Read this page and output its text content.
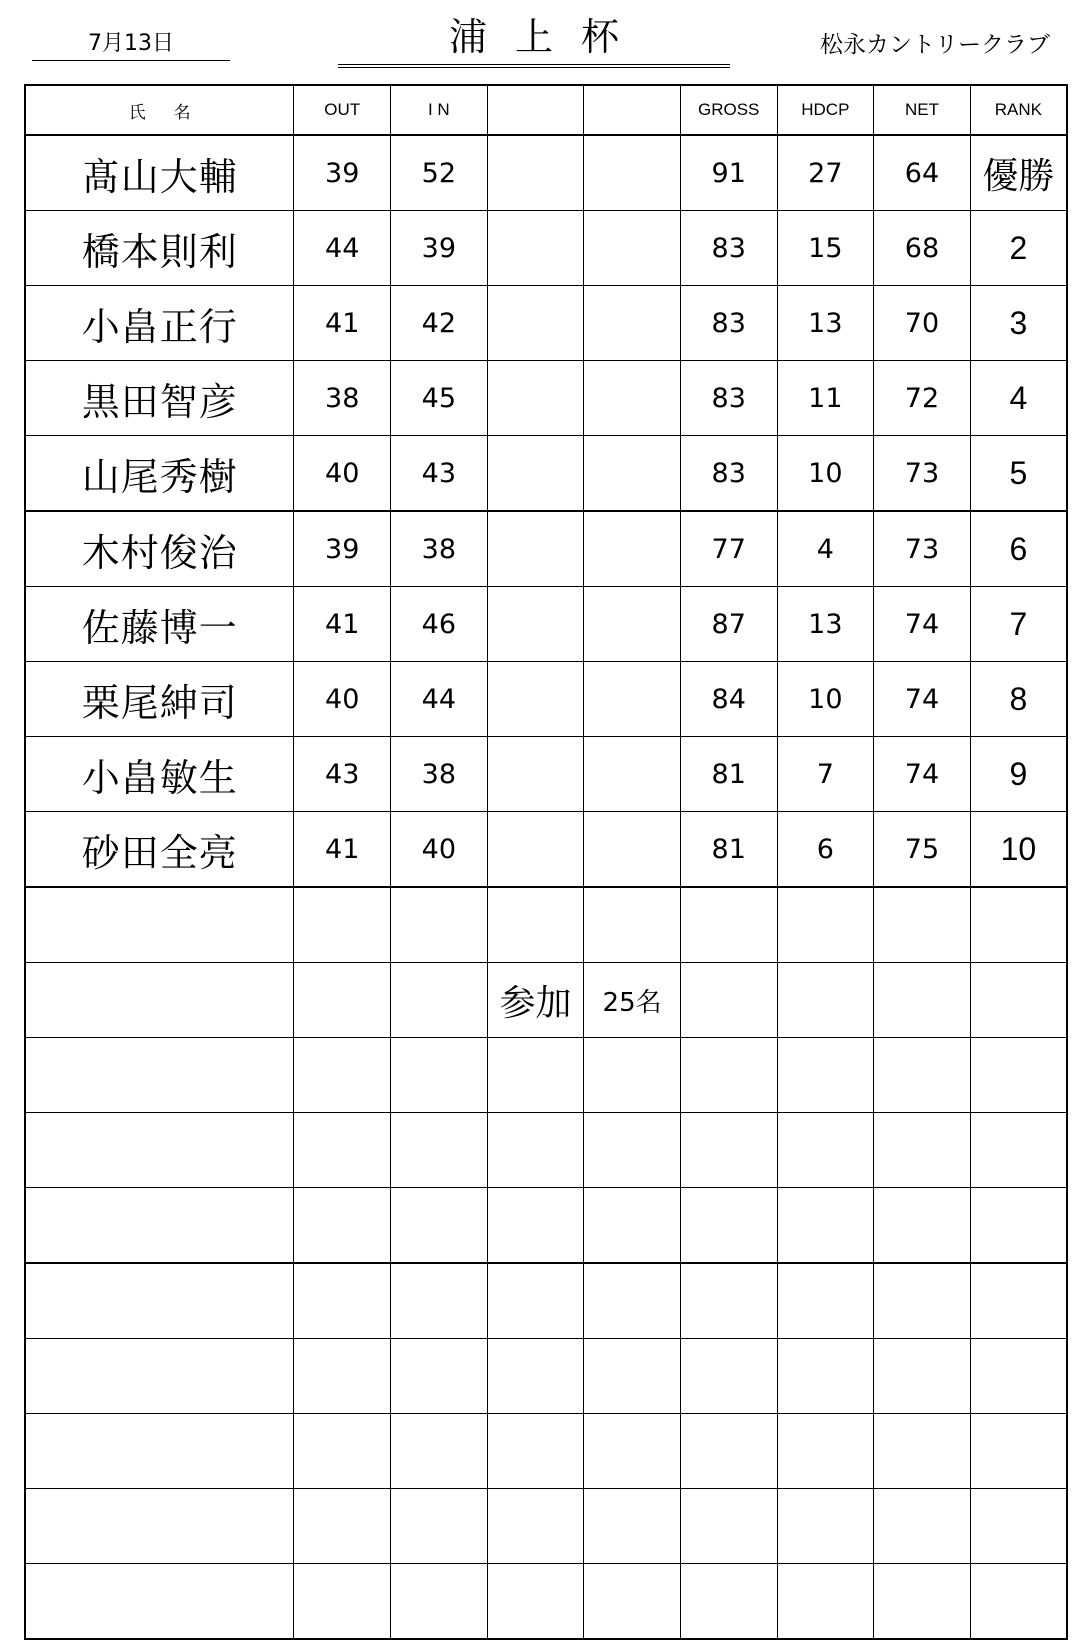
7月13日	浦上杯	松永カントリークラブ
氏名	OUT	I N			GROSS	HDCP	NET	RANK
髙山大輔	39	52			91	27	64	優勝
橋本則利	44	39			83	15	68	2
小畠正行	41	42			83	13	70	3
黒田智彦	38	45			83	11	72	4
山尾秀樹	40	43			83	10	73	5
木村俊治	39	38			77	4	73	6
佐藤博一	41	46			87	13	74	7
栗尾紳司	40	44			84	10	74	8
小畠敏生	43	38			81	7	74	9
砂田全亮	41	40			81	6	75	10

			参加	25名				
